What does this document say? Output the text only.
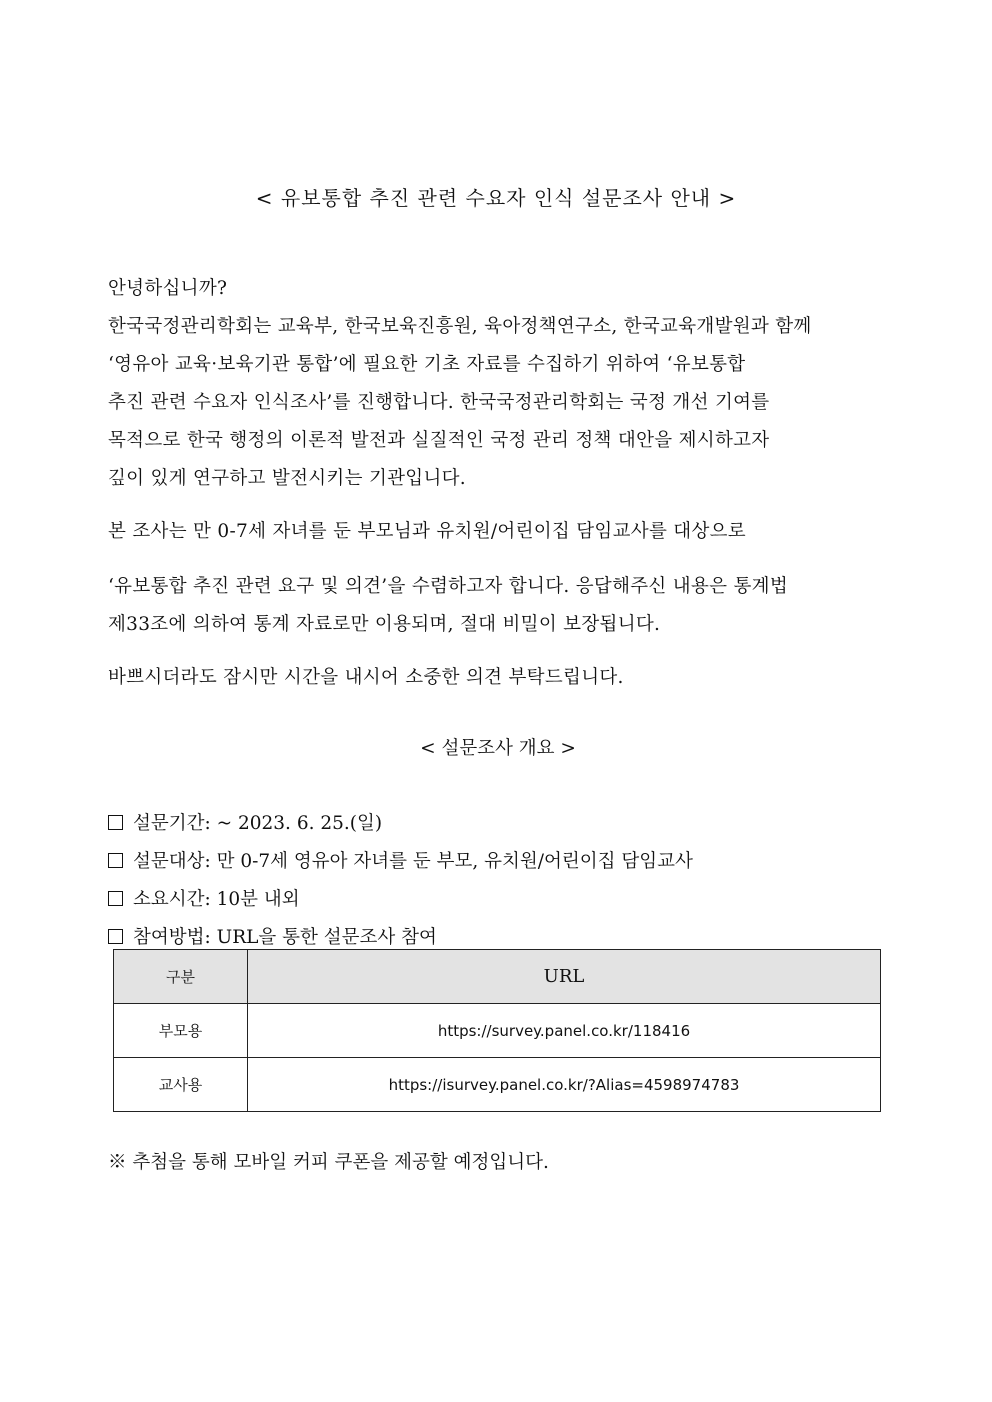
< 유보통합 추진 관련 수요자 인식 설문조사 안내 >
안녕하십니까?
한국국정관리학회는 교육부, 한국보육진흥원, 육아정책연구소, 한국교육개발원과 함께
‘영유아 교육·보육기관 통합’에 필요한 기초 자료를 수집하기 위하여 ‘유보통합
추진 관련 수요자 인식조사’를 진행합니다. 한국국정관리학회는 국정 개선 기여를
목적으로 한국 행정의 이론적 발전과 실질적인 국정 관리 정책 대안을 제시하고자
깊이 있게 연구하고 발전시키는 기관입니다.
본 조사는 만 0-7세 자녀를 둔 부모님과 유치원/어린이집 담임교사를 대상으로
‘유보통합 추진 관련 요구 및 의견’을 수렴하고자 합니다. 응답해주신 내용은 통계법
제33조에 의하여 통계 자료로만 이용되며, 절대 비밀이 보장됩니다.
바쁘시더라도 잠시만 시간을 내시어 소중한 의견 부탁드립니다.
< 설문조사 개요 >
설문기간: ~ 2023. 6. 25.(일)
설문대상: 만 0-7세 영유아 자녀를 둔 부모, 유치원/어린이집 담임교사
소요시간: 10분 내외
참여방법: URL을 통한 설문조사 참여
구분	URL
부모용	https://survey.panel.co.kr/118416
교사용	https://isurvey.panel.co.kr/?Alias=4598974783
※ 추첨을 통해 모바일 커피 쿠폰을 제공할 예정입니다.
